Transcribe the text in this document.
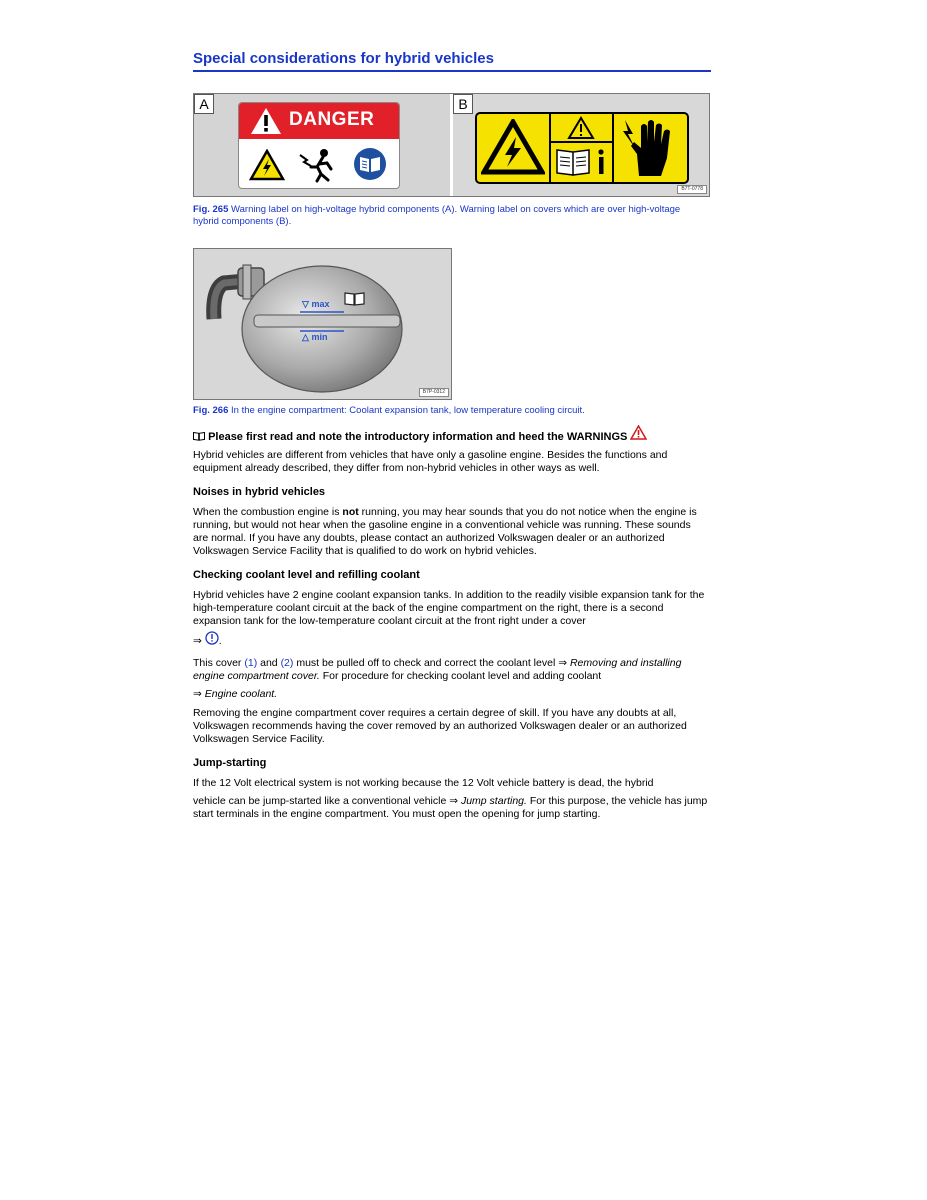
Special considerations for hybrid vehicles
A
DANGER
B
B7T-0778
Fig. 265 Warning label on high-voltage hybrid components (A). Warning label on covers which are over high-voltage hybrid components (B).
▽ max
△ min
B7P-0312
Fig. 266 In the engine compartment: Coolant expansion tank, low temperature cooling circuit.
Please first read and note the introductory information and heed the WARNINGS
Hybrid vehicles are different from vehicles that have only a gasoline engine. Besides the functions and equipment already described, they differ from non-hybrid vehicles in other ways as well.
Noises in hybrid vehicles
When the combustion engine is not running, you may hear sounds that you do not notice when the engine is running, but would not hear when the gasoline engine in a conventional vehicle was running. These sounds are normal. If you have any doubts, please contact an authorized Volkswagen dealer or an authorized Volkswagen Service Facility that is qualified to do work on hybrid vehicles.
Checking coolant level and refilling coolant
Hybrid vehicles have 2 engine coolant expansion tanks. In addition to the readily visible expansion tank for the high-temperature coolant circuit at the back of the engine compartment on the right, there is a second expansion tank for the low-temperature coolant circuit at the front right under a cover
⇒ .
This cover (1) and (2) must be pulled off to check and correct the coolant level ⇒ Removing and installing engine compartment cover. For procedure for checking coolant level and adding coolant
⇒ Engine coolant.
Removing the engine compartment cover requires a certain degree of skill. If you have any doubts at all, Volkswagen recommends having the cover removed by an authorized Volkswagen dealer or an authorized Volkswagen Service Facility.
Jump-starting
If the 12 Volt electrical system is not working because the 12 Volt vehicle battery is dead, the hybrid
vehicle can be jump-started like a conventional vehicle ⇒ Jump starting. For this purpose, the vehicle has jump start terminals in the engine compartment. You must open the opening for jump starting.
